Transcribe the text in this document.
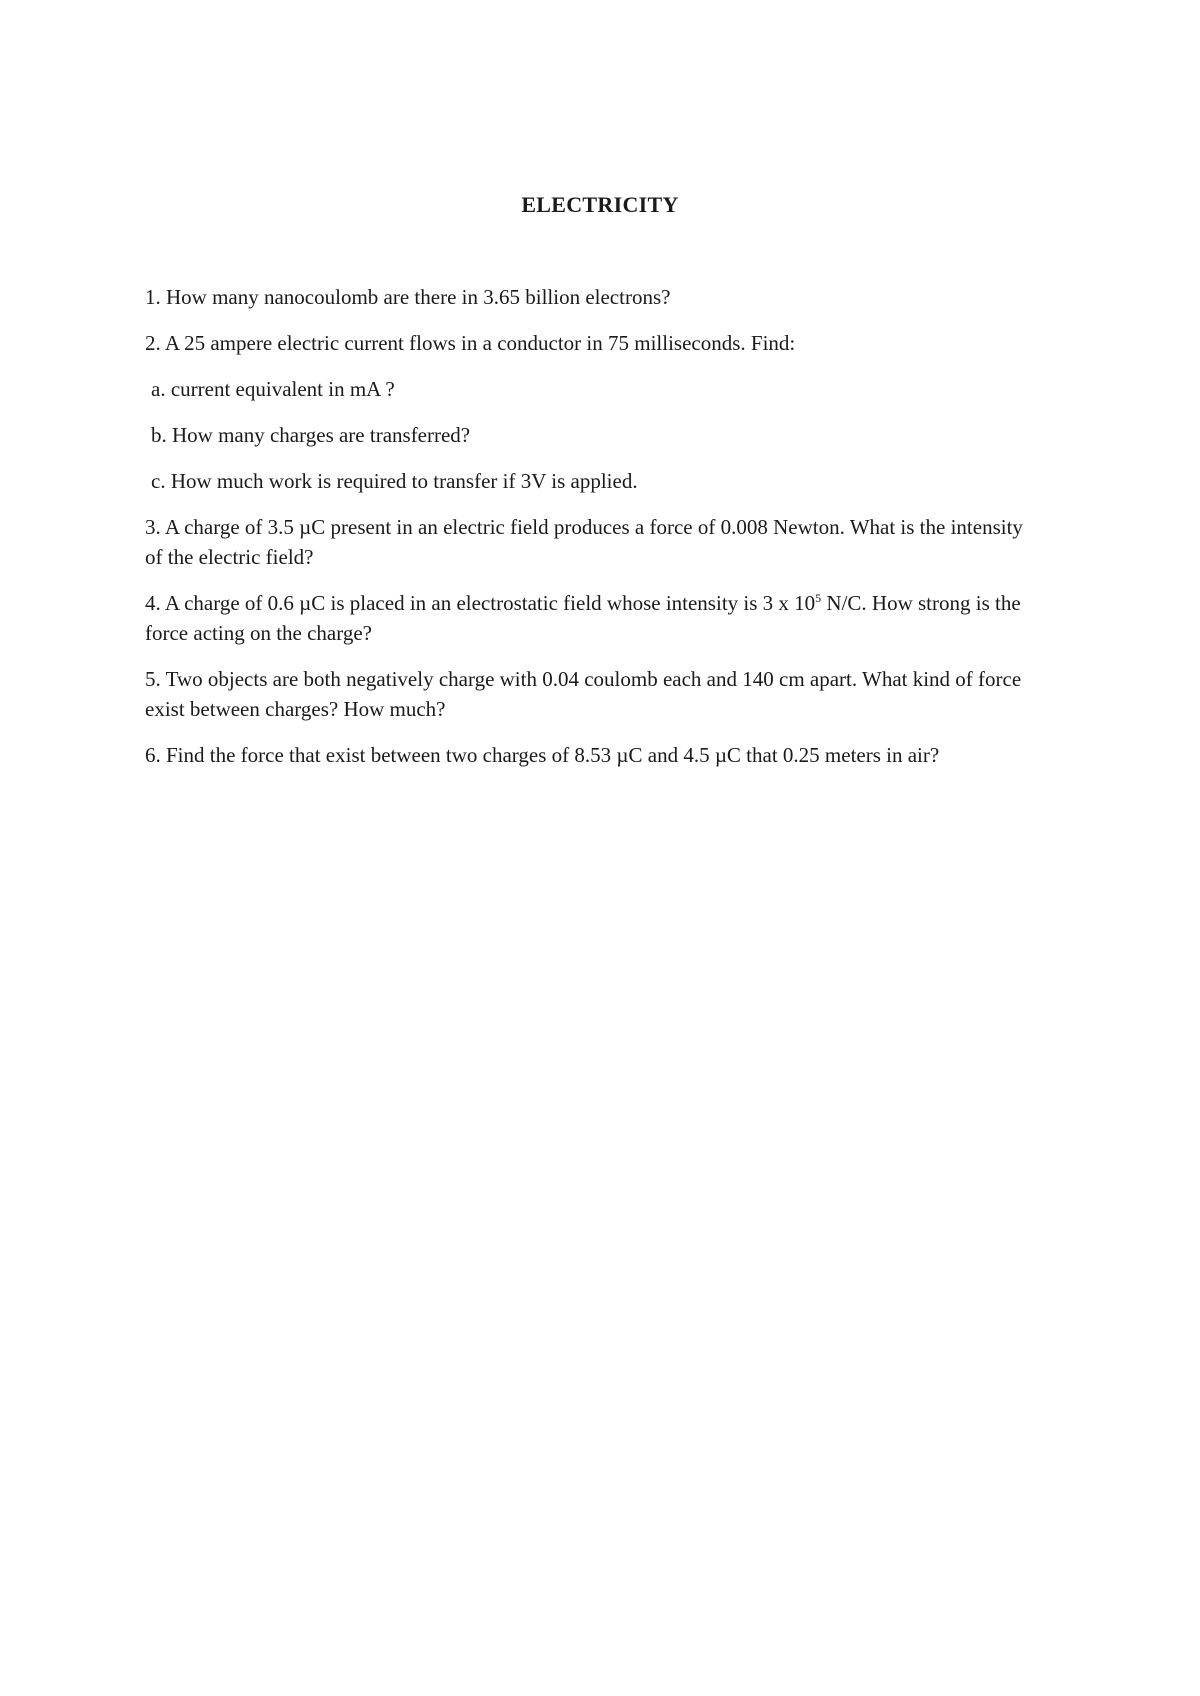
ELECTRICITY

1. How many nanocoulomb are there in 3.65 billion electrons?

2. A 25 ampere electric current flows in a conductor in 75 milliseconds. Find:

a. current equivalent in mA ?

b. How many charges are transferred?

c. How much work is required to transfer if 3V is applied.

3. A charge of 3.5 µC present in an electric field produces a force of 0.008 Newton. What is the intensity of the electric field?

4. A charge of 0.6 µC is placed in an electrostatic field whose intensity is 3 x $10^5$ N/C. How strong is the force acting on the charge?

5. Two objects are both negatively charge with 0.04 coulomb each and 140 cm apart. What kind of force exist between charges? How much?

6. Find the force that exist between two charges of 8.53 µC and 4.5 µC that 0.25 meters in air?
